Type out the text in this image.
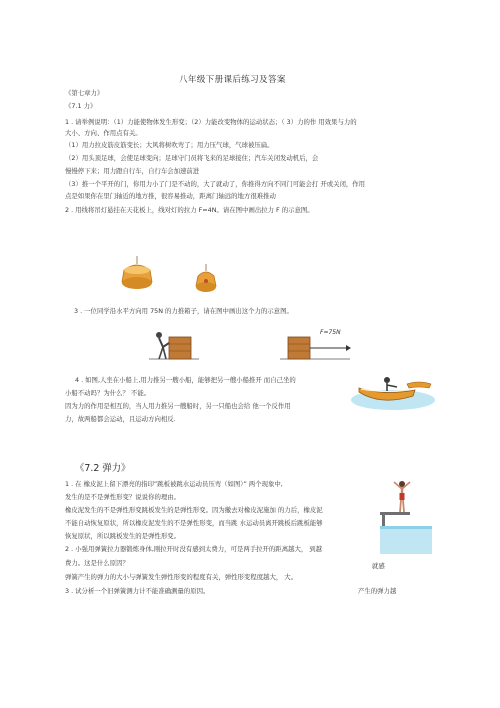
八年级下册课后练习及答案
《第七章力》
《7.1 力》
1 . 请举例说明：（1）力能使物体发生形变；（2）力能改变物体的运动状态；（ 3）力的作 用效果与力的
大小、方向、作用点有关。
（1）用力拉皮筋皮筋变长；大风将树吹弯了；用力压气球，气球被压扁。
（2）用头顶足球，会使足球变向；足球守门员将飞来的足球接住；汽车关闭发动机后，会
慢慢停下来；用力蹬自行车，自行车会加速前进
（3）推一个平开的门，你用力小了门是不动的，大了就动了，你推得方向不同门可能会打 开或关闭，作用
点是如果你在里门轴近的地方推，很容易推动，距离门轴远的地方很难推动
2 . 用线将吊灯悬挂在天花板上，线对灯的拉力 F=4N。请在图中画出拉力 F 的示意图。
3 . 一位同学沿水平方向用 75N 的力推箱子，请在图中画出这个力的示意图。
F=75N
4 . 如图,人坐在小船上,用力推另一艘小船，能够把另一艘小船推开 而自己坐的
小船不动吗？为什么？ 不能。
因为力的作用是相互的，当人用力推另一艘船时，另一只船也会给 他一个反作用
力，故两船都会运动，且运动方向相反.
《7.2 弹力》
1 . 在 橡皮泥上留下漂亮的指印”跳板被跳水运动员压弯（如图）” 两个现象中,
发生的是不是弹性形变？说说你的理由。
橡皮泥发生的不是弹性形变跳板发生的是弹性形变。因为撤去对橡皮泥施加 的力后，橡皮泥
不能自动恢复原状，所以橡皮泥发生的不是弹性形变，而当跳 水运动员离开跳板后跳板能够
恢复原状，所以跳板发生的是弹性形变。
2 . 小强用弹簧拉力器锻炼身体,刚拉开时没有感到太费力，可是两手拉开的距离越大， 到越
费力。这是什么原因？
弹簧产生的弹力的大小与弹簧发生弹性形变的程度有关，弹性形变程度越大， 大。
就感
3 . 试分析一个旧弹簧测力计不能准确测量的原因。	产生的弹力越
